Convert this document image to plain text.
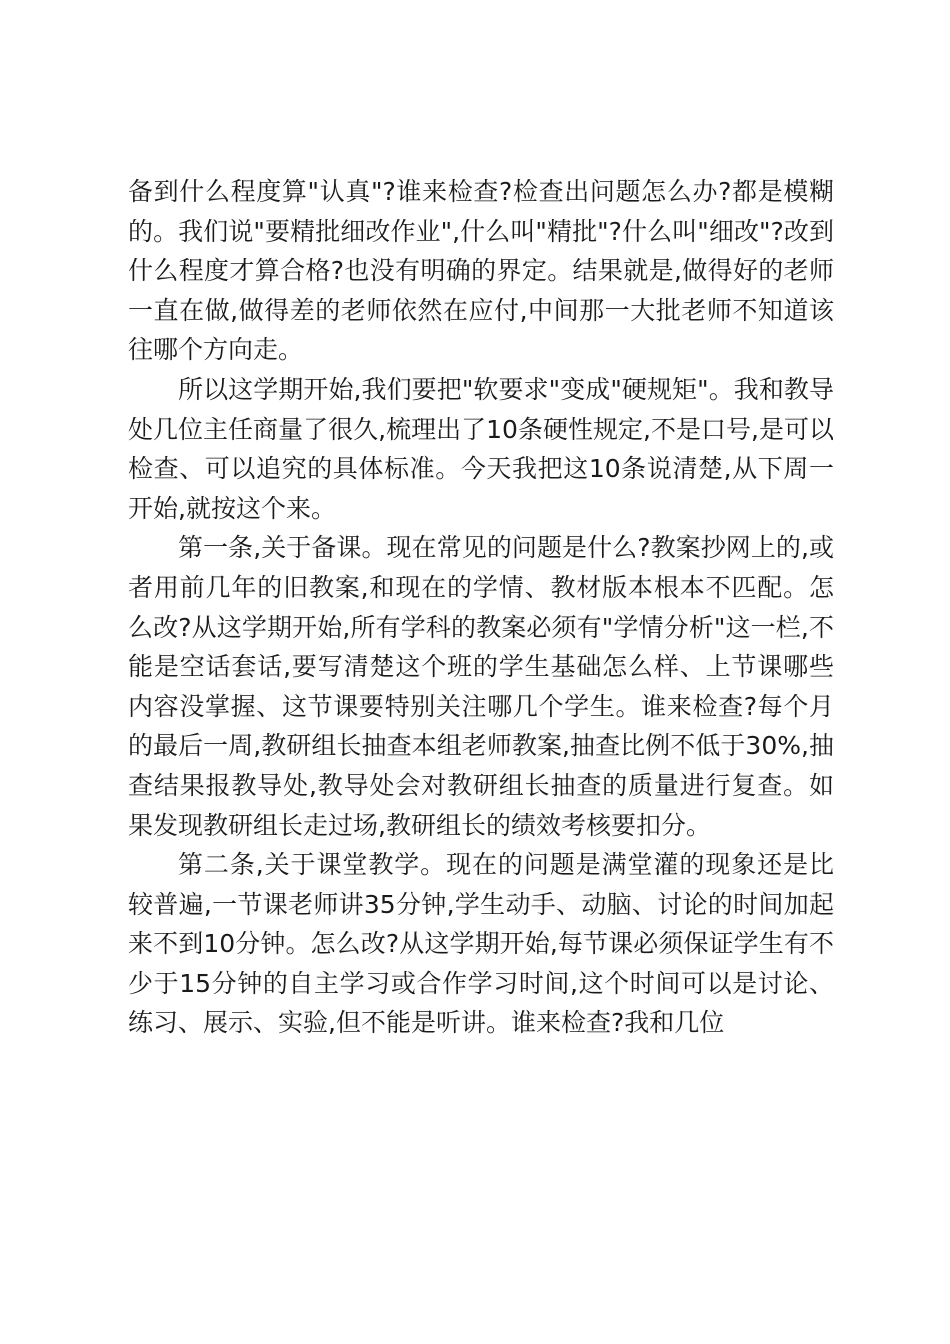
备到什么程度算"认真"?谁来检查?检查出问题怎么办?都是模糊的。我们说"要精批细改作业",什么叫"精批"?什么叫"细改"?改到什么程度才算合格?也没有明确的界定。结果就是,做得好的老师一直在做,做得差的老师依然在应付,中间那一大批老师不知道该往哪个方向走。

所以这学期开始,我们要把"软要求"变成"硬规矩"。我和教导处几位主任商量了很久,梳理出了10条硬性规定,不是口号,是可以检查、可以追究的具体标准。今天我把这10条说清楚,从下周一开始,就按这个来。

第一条,关于备课。现在常见的问题是什么?教案抄网上的,或者用前几年的旧教案,和现在的学情、教材版本根本不匹配。怎么改?从这学期开始,所有学科的教案必须有"学情分析"这一栏,不能是空话套话,要写清楚这个班的学生基础怎么样、上节课哪些内容没掌握、这节课要特别关注哪几个学生。谁来检查?每个月的最后一周,教研组长抽查本组老师教案,抽查比例不低于30%,抽查结果报教导处,教导处会对教研组长抽查的质量进行复查。如果发现教研组长走过场,教研组长的绩效考核要扣分。

第二条,关于课堂教学。现在的问题是满堂灌的现象还是比较普遍,一节课老师讲35分钟,学生动手、动脑、讨论的时间加起来不到10分钟。怎么改?从这学期开始,每节课必须保证学生有不少于15分钟的自主学习或合作学习时间,这个时间可以是讨论、练习、展示、实验,但不能是听讲。谁来检查?我和几位
